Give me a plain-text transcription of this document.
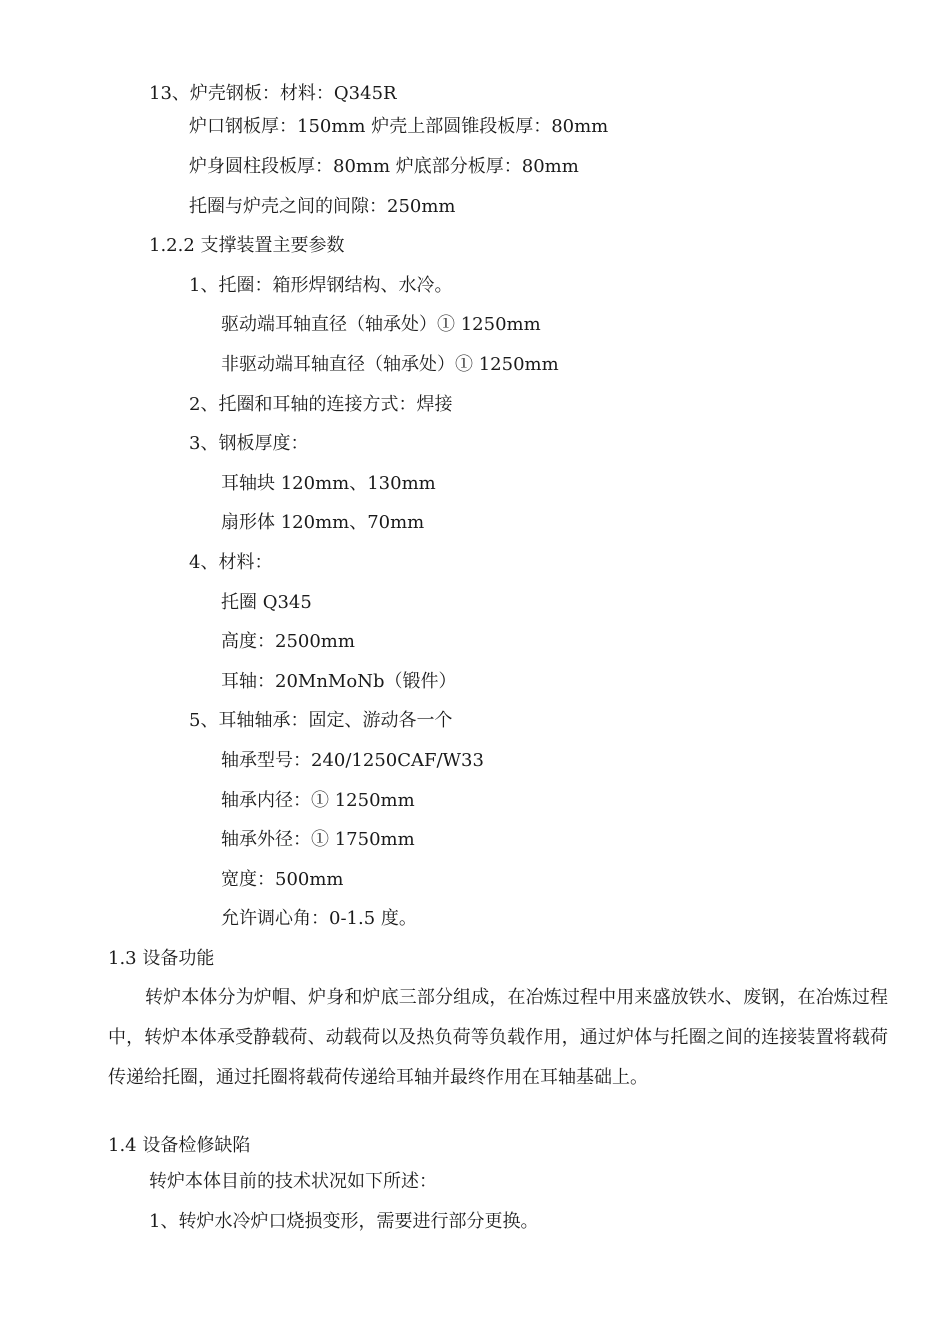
13、炉壳钢板：材料：Q345R
炉口钢板厚：150mm 炉壳上部圆锥段板厚：80mm
炉身圆柱段板厚：80mm 炉底部分板厚：80mm
托圈与炉壳之间的间隙：250mm
1.2.2 支撑装置主要参数
1、托圈：箱形焊钢结构、水冷。
驱动端耳轴直径（轴承处）① 1250mm
非驱动端耳轴直径（轴承处）① 1250mm
2、托圈和耳轴的连接方式：焊接
3、钢板厚度：
耳轴块 120mm、130mm
扇形体 120mm、70mm
4、材料：
托圈 Q345
高度：2500mm
耳轴：20MnMoNb（锻件）
5、耳轴轴承：固定、游动各一个
轴承型号：240/1250CAF/W33
轴承内径：① 1250mm
轴承外径：① 1750mm
宽度：500mm
允许调心角：0-1.5 度。
1.3 设备功能
转炉本体分为炉帽、炉身和炉底三部分组成，在冶炼过程中用来盛放铁水、废钢，在冶炼过程中，转炉本体承受静载荷、动载荷以及热负荷等负载作用，通过炉体与托圈之间的连接装置将载荷传递给托圈，通过托圈将载荷传递给耳轴并最终作用在耳轴基础上。
1.4 设备检修缺陷
转炉本体目前的技术状况如下所述：
1、转炉水冷炉口烧损变形，需要进行部分更换。
